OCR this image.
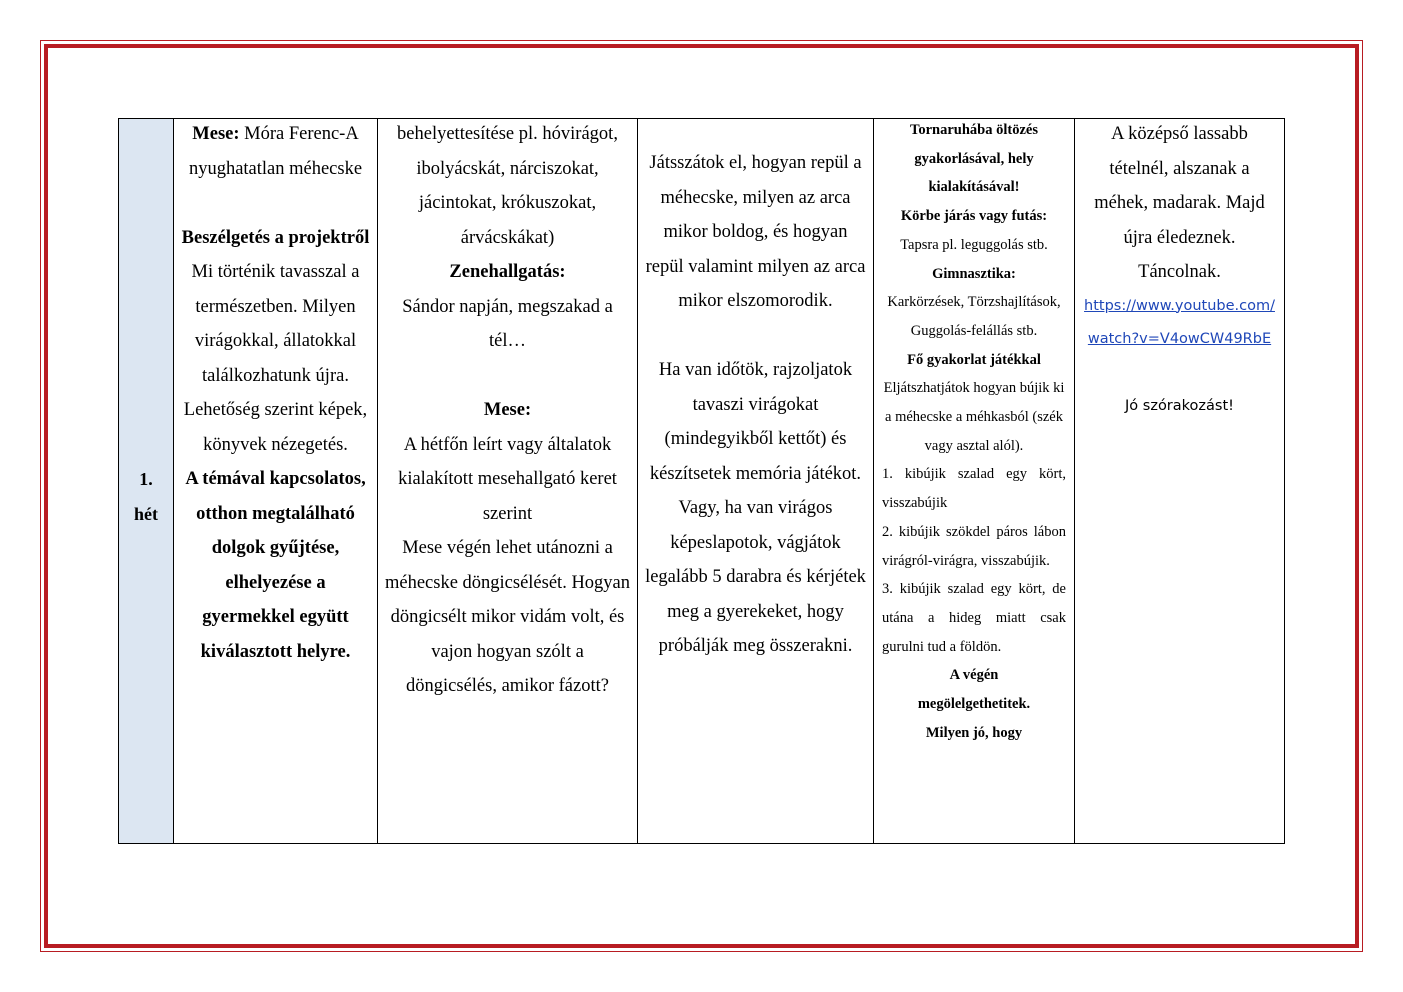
1.
hét

Mese: Móra Ferenc-A nyughatatlan méhecske

Beszélgetés a projektről

Mi történik tavasszal a természetben. Milyen virágokkal, állatokkal találkozhatunk újra. Lehetőség szerint képek, könyvek nézegetés.

A témával kapcsolatos, otthon megtalálható dolgok gyűjtése, elhelyezése a gyermekkel együtt kiválasztott helyre.

behelyettesítése pl. hóvirágot, ibolyácskát, nárciszokat, jácintokat, krókuszokat, árvácskákat)

Zenehallgatás:

Sándor napján, megszakad a tél…

Mese:

A hétfőn leírt vagy általatok kialakított mesehallgató keret szerint

Mese végén lehet utánozni a méhecske döngicsélését. Hogyan döngicsélt mikor vidám volt, és vajon hogyan szólt a döngicsélés, amikor fázott?

Játsszátok el, hogyan repül a méhecske, milyen az arca mikor boldog, és hogyan repül valamint milyen az arca mikor elszomorodik.

Ha van időtök, rajzoljatok tavaszi virágokat (mindegyikből kettőt) és készítsetek memória játékot.

Vagy, ha van virágos képeslapotok, vágjátok legalább 5 darabra és kérjétek meg a gyerekeket, hogy próbálják meg összerakni.

Tornaruhába öltözés gyakorlásával, hely kialakításával!

Körbe járás vagy futás:

Tapsra pl. leguggolás stb.

Gimnasztika:

Karkörzések, Törzshajlítások, Guggolás-felállás stb.

Fő gyakorlat játékkal

Eljátszhatjátok hogyan bújik ki a méhecske a méhkasból (szék vagy asztal alól).

1. kibújik szalad egy kört, visszabújik

2. kibújik szökdel páros lábon virágról-virágra, visszabújik.

3. kibújik szalad egy kört, de utána a hideg miatt csak gurulni tud a földön.

A végén megölelgethetitek. Milyen jó, hogy

A középső lassabb tételnél, alszanak a méhek, madarak. Majd újra éledeznek. Táncolnak.

https://www.youtube.com/watch?v=V4owCW49RbE
Jó szórakozást!
